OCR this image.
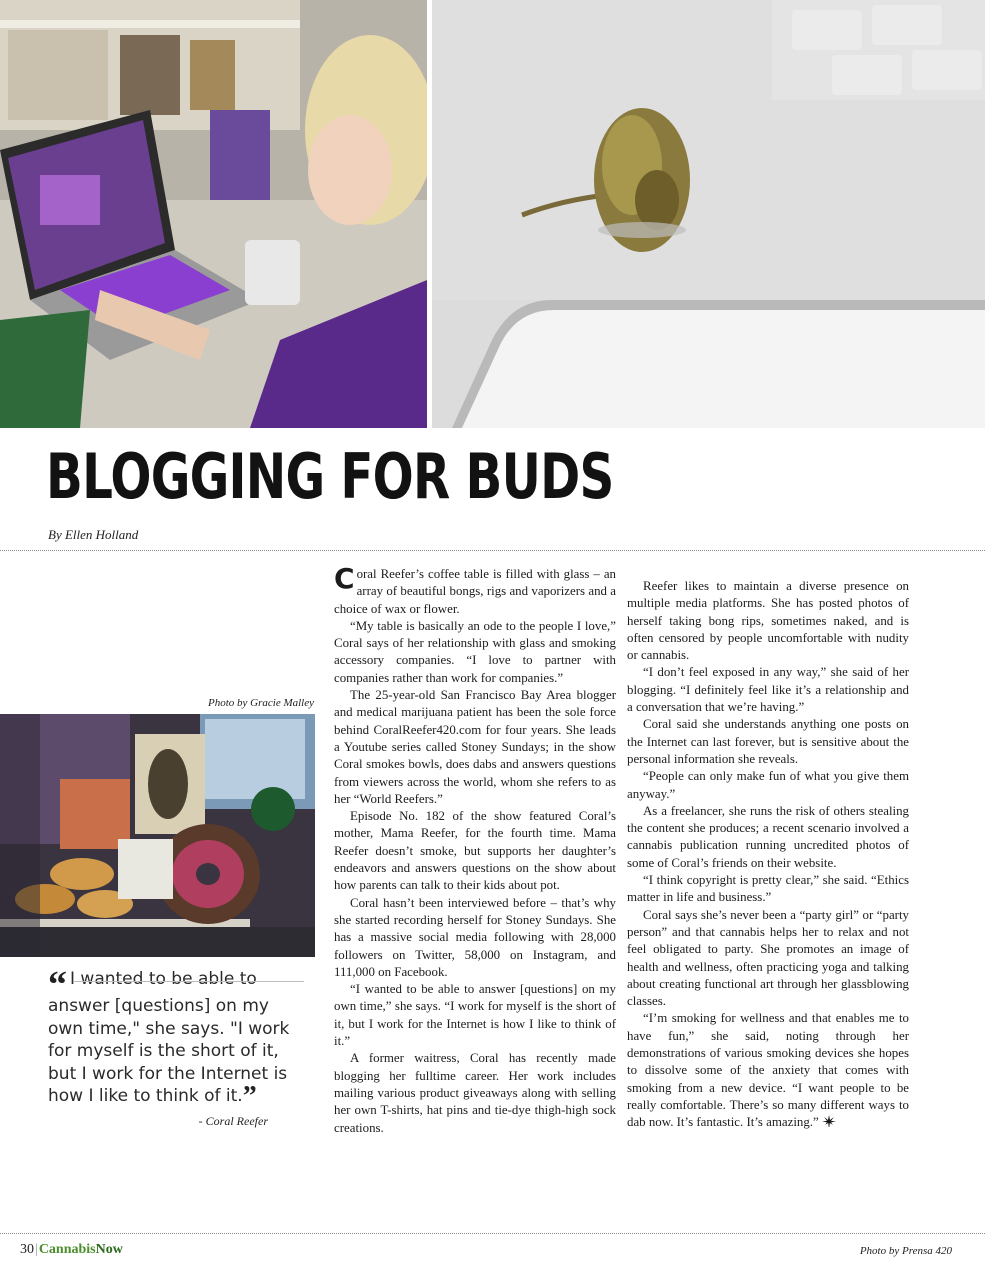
BLOGGING FOR BUDS
By Ellen Holland
Photo by Gracie Malley
“ I wanted to be able to answer [questions] on my own time," she says. "I work for myself is the short of it, but I work for the Internet is how I like to think of it.”
- Coral Reefer

Coral Reefer’s coffee table is filled with glass – an array of beautiful bongs, rigs and vaporizers and a choice of wax or flower.

“My table is basically an ode to the people I love,” Coral says of her relationship with glass and smoking accessory companies. “I love to partner with companies rather than work for companies.”

The 25-year-old San Francisco Bay Area blogger and medical marijuana patient has been the sole force behind CoralReefer420.com for four years. She leads a Youtube series called Stoney Sundays; in the show Coral smokes bowls, does dabs and answers questions from viewers across the world, whom she refers to as her “World Reefers.”

Episode No. 182 of the show featured Coral’s mother, Mama Reefer, for the fourth time. Mama Reefer doesn’t smoke, but supports her daughter’s endeavors and answers questions on the show about how parents can talk to their kids about pot.

Coral hasn’t been interviewed before – that’s why she started recording herself for Stoney Sundays. She has a massive social media following with 28,000 followers on Twitter, 58,000 on Instagram, and 111,000 on Facebook.

“I wanted to be able to answer [questions] on my own time,” she says. “I work for myself is the short of it, but I work for the Internet is how I like to think of it.”

A former waitress, Coral has recently made blogging her fulltime career. Her work includes mailing various product giveaways along with selling her own T-shirts, hat pins and tie-dye thigh-high sock creations.

Reefer likes to maintain a diverse presence on multiple media platforms. She has posted photos of herself taking bong rips, sometimes naked, and is often censored by people uncomfortable with nudity or cannabis.

“I don’t feel exposed in any way,” she said of her blogging. “I definitely feel like it’s a relationship and a conversation that we’re having.”

Coral said she understands anything one posts on the Internet can last forever, but is sensitive about the personal information she reveals.

“People can only make fun of what you give them anyway.”

As a freelancer, she runs the risk of others stealing the content she produces; a recent scenario involved a cannabis publication running uncredited photos of some of Coral’s friends on their website.

“I think copyright is pretty clear,” she said. “Ethics matter in life and business.”

Coral says she’s never been a “party girl” or “party person” and that cannabis helps her to relax and not feel obligated to party. She promotes an image of health and wellness, often practicing yoga and talking about creating functional art through her glassblowing classes.

“I’m smoking for wellness and that enables me to have fun,” she said, noting through her demonstrations of various smoking devices she hopes to dissolve some of the anxiety that comes with smoking from a new device. “I want people to be really comfortable. There’s so many different ways to dab now. It’s fantastic. It’s amazing.”

30|CannabisNow	Photo by Prensa 420
